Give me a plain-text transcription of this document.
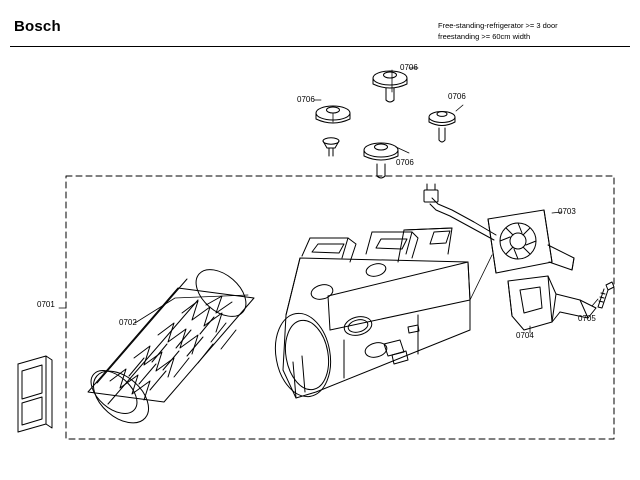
Bosch	Free-standing-refrigerator >= 3 door
freestanding >= 60cm width
0706
0706	0706
0706
0701
0702
0703
0704
0705
